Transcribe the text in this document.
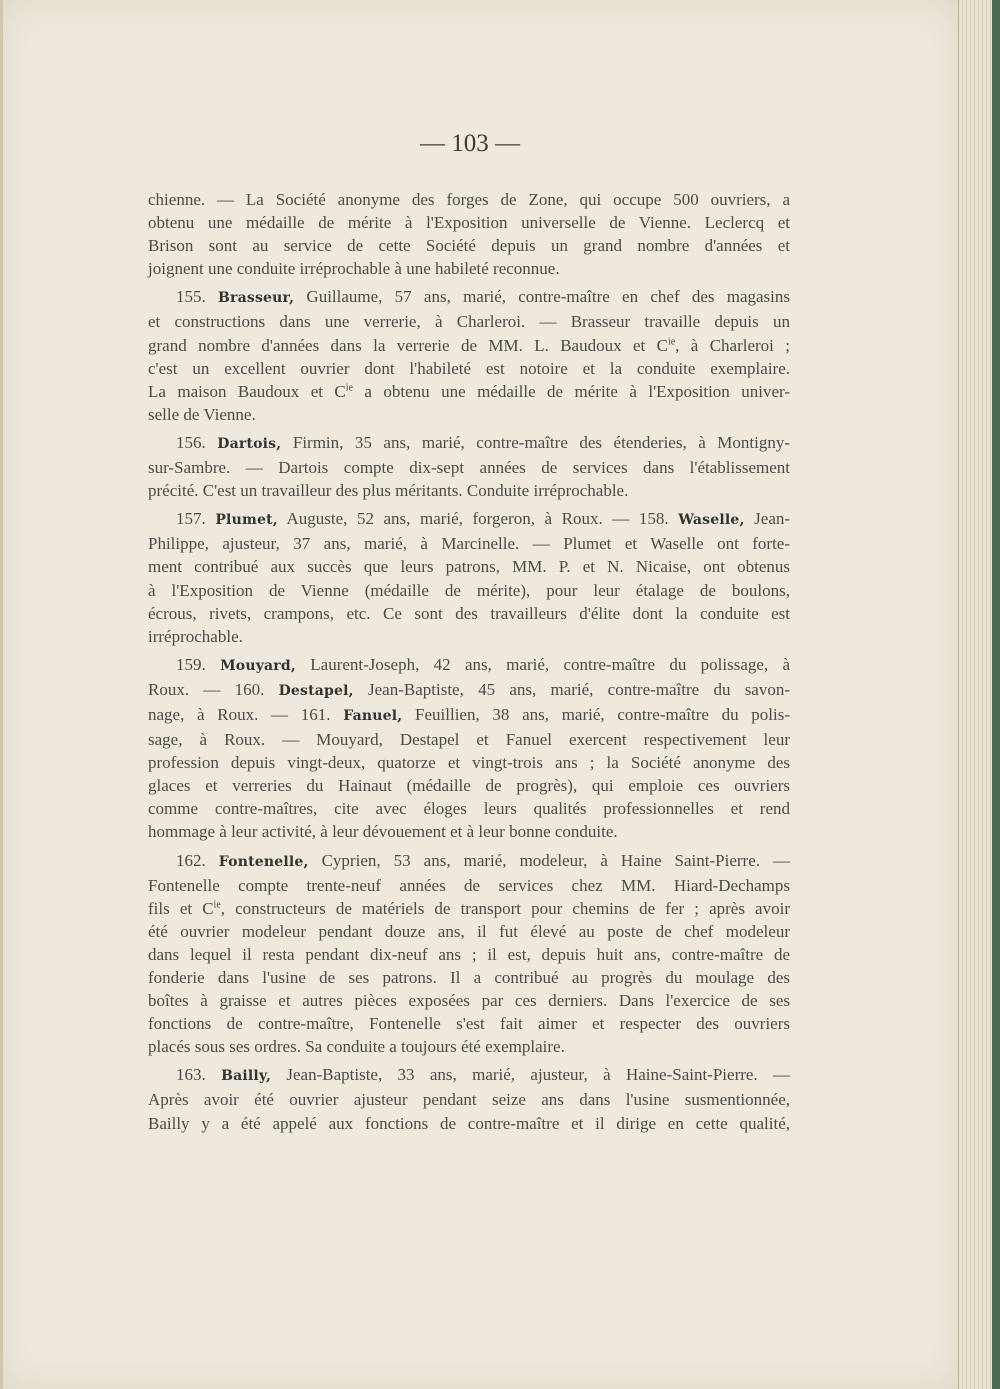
— 103 —
chienne. — La Société anonyme des forges de Zone, qui occupe 500 ouvriers, a
obtenu une médaille de mérite à l'Exposition universelle de Vienne. Leclercq et
Brison sont au service de cette Société depuis un grand nombre d'années et
joignent une conduite irréprochable à une habileté reconnue.
155. Brasseur, Guillaume, 57 ans, marié, contre-maître en chef des magasins
et constructions dans une verrerie, à Charleroi. — Brasseur travaille depuis un
grand nombre d'années dans la verrerie de MM. L. Baudoux et $C^{ie}$, à Charleroi ;
c'est un excellent ouvrier dont l'habileté est notoire et la conduite exemplaire.
La maison Baudoux et $C^{ie}$ a obtenu une médaille de mérite à l'Exposition univer-
selle de Vienne.
156. Dartois, Firmin, 35 ans, marié, contre-maître des étenderies, à Montigny-
sur-Sambre. — Dartois compte dix-sept années de services dans l'établissement
précité. C'est un travailleur des plus méritants. Conduite irréprochable.
157. Plumet, Auguste, 52 ans, marié, forgeron, à Roux. — 158. Waselle, Jean-
Philippe, ajusteur, 37 ans, marié, à Marcinelle. — Plumet et Waselle ont forte-
ment contribué aux succès que leurs patrons, MM. P. et N. Nicaise, ont obtenus
à l'Exposition de Vienne (médaille de mérite), pour leur étalage de boulons,
écrous, rivets, crampons, etc. Ce sont des travailleurs d'élite dont la conduite est
irréprochable.
159. Mouyard, Laurent-Joseph, 42 ans, marié, contre-maître du polissage, à
Roux. — 160. Destapel, Jean-Baptiste, 45 ans, marié, contre-maître du savon-
nage, à Roux. — 161. Fanuel, Feuillien, 38 ans, marié, contre-maître du polis-
sage, à Roux. — Mouyard, Destapel et Fanuel exercent respectivement leur
profession depuis vingt-deux, quatorze et vingt-trois ans ; la Société anonyme des
glaces et verreries du Hainaut (médaille de progrès), qui emploie ces ouvriers
comme contre-maîtres, cite avec éloges leurs qualités professionnelles et rend
hommage à leur activité, à leur dévouement et à leur bonne conduite.
162. Fontenelle, Cyprien, 53 ans, marié, modeleur, à Haine Saint-Pierre. —
Fontenelle compte trente-neuf années de services chez MM. Hiard-Dechamps
fils et $C^{ie}$, constructeurs de matériels de transport pour chemins de fer ; après avoir
été ouvrier modeleur pendant douze ans, il fut élevé au poste de chef modeleur
dans lequel il resta pendant dix-neuf ans ; il est, depuis huit ans, contre-maître de
fonderie dans l'usine de ses patrons. Il a contribué au progrès du moulage des
boîtes à graisse et autres pièces exposées par ces derniers. Dans l'exercice de ses
fonctions de contre-maître, Fontenelle s'est fait aimer et respecter des ouvriers
placés sous ses ordres. Sa conduite a toujours été exemplaire.
163. Bailly, Jean-Baptiste, 33 ans, marié, ajusteur, à Haine-Saint-Pierre. —
Après avoir été ouvrier ajusteur pendant seize ans dans l'usine susmentionnée,
Bailly y a été appelé aux fonctions de contre-maître et il dirige en cette qualité,
